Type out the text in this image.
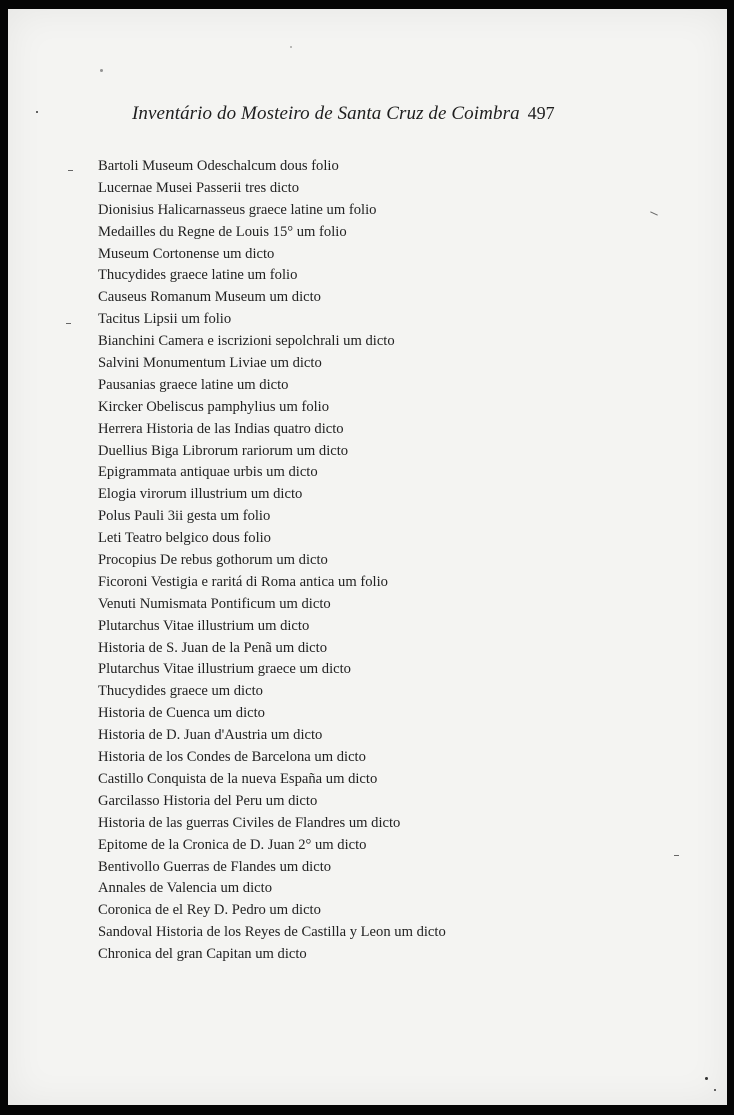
Inventário do Mosteiro de Santa Cruz de Coimbra 497
Bartoli Museum Odeschalcum dous folio
Lucernae Musei Passerii tres dicto
Dionisius Halicarnasseus graece latine um folio
Medailles du Regne de Louis 15° um folio
Museum Cortonense um dicto
Thucydides graece latine um folio
Causeus Romanum Museum um dicto
Tacitus Lipsii um folio
Bianchini Camera e iscrizioni sepolchrali um dicto
Salvini Monumentum Liviae um dicto
Pausanias graece latine um dicto
Kircker Obeliscus pamphylius um folio
Herrera Historia de las Indias quatro dicto
Duellius Biga Librorum rariorum um dicto
Epigrammata antiquae urbis um dicto
Elogia virorum illustrium um dicto
Polus Pauli 3ii gesta um folio
Leti Teatro belgico dous folio
Procopius De rebus gothorum um dicto
Ficoroni Vestigia e raritá di Roma antica um folio
Venuti Numismata Pontificum um dicto
Plutarchus Vitae illustrium um dicto
Historia de S. Juan de la Penã um dicto
Plutarchus Vitae illustrium graece um dicto
Thucydides graece um dicto
Historia de Cuenca um dicto
Historia de D. Juan d'Austria um dicto
Historia de los Condes de Barcelona um dicto
Castillo Conquista de la nueva España um dicto
Garcilasso Historia del Peru um dicto
Historia de las guerras Civiles de Flandres um dicto
Epitome de la Cronica de D. Juan 2° um dicto
Bentivollo Guerras de Flandes um dicto
Annales de Valencia um dicto
Coronica de el Rey D. Pedro um dicto
Sandoval Historia de los Reyes de Castilla y Leon um dicto
Chronica del gran Capitan um dicto
